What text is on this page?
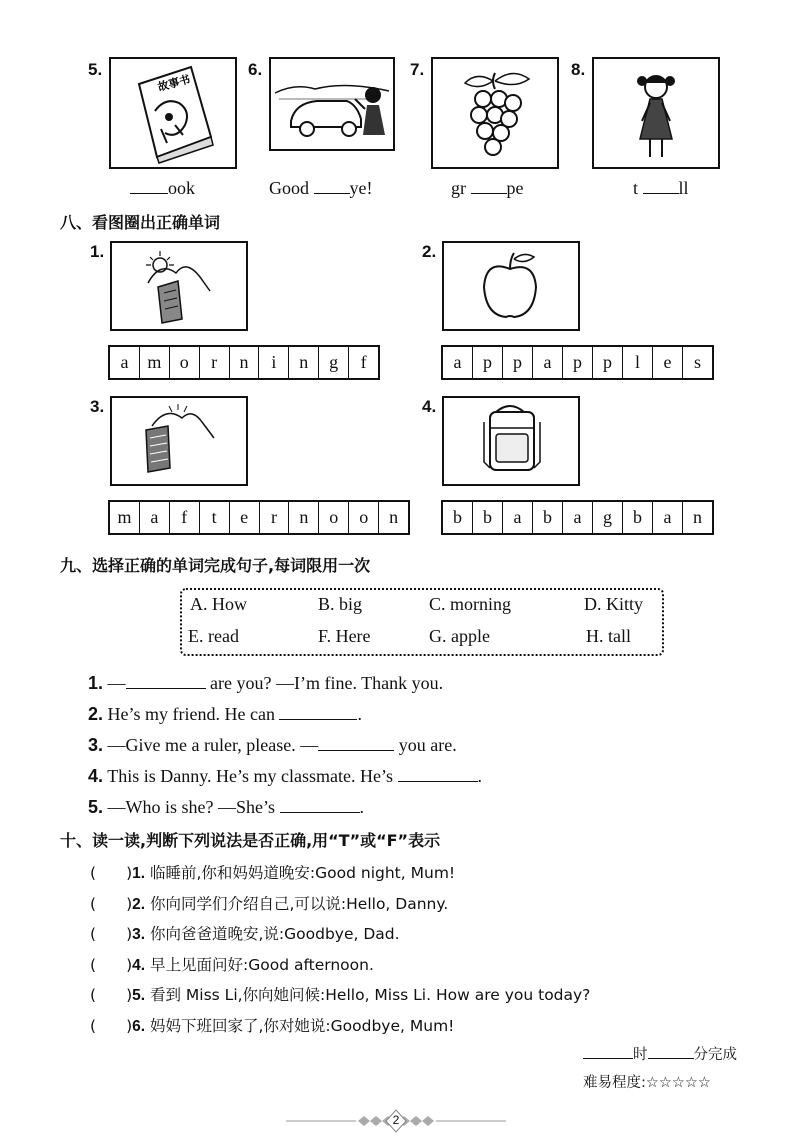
5.
故事书
ook
6.
Good ye!
7.
gr pe
8.
t ll
八、看图圈出正确单词
1.
a	m	o	r	n	i	n	g	f
2.
a	p	p	a	p	p	l	e	s
3.
m	a	f	t	e	r	n	o	o	n
4.
b	b	a	b	a	g	b	a	n
九、选择正确的单词完成句子,每词限用一次
A. How	B. big	C. morning	D. Kitty
E. read	F. Here	G. apple	H. tall
1. —	are you? —I’m fine. Thank you.
2. He’s my friend. He can	.
3. —Give me a ruler, please. —	you are.
4. This is Danny. He’s my classmate. He’s	.
5. —Who is she? —She’s	.
十、读一读,判断下列说法是否正确,用“T”或“F”表示
( )1. 临睡前,你和妈妈道晚安:Good night, Mum!
( )2. 你向同学们介绍自己,可以说:Hello, Danny.
( )3. 你向爸爸道晚安,说:Goodbye, Dad.
( )4. 早上见面问好:Good afternoon.
( )5. 看到 Miss Li,你向她问候:Hello, Miss Li. How are you today?
( )6. 妈妈下班回家了,你对她说:Goodbye, Mum!
时	分完成
难易程度:☆☆☆☆☆
2
